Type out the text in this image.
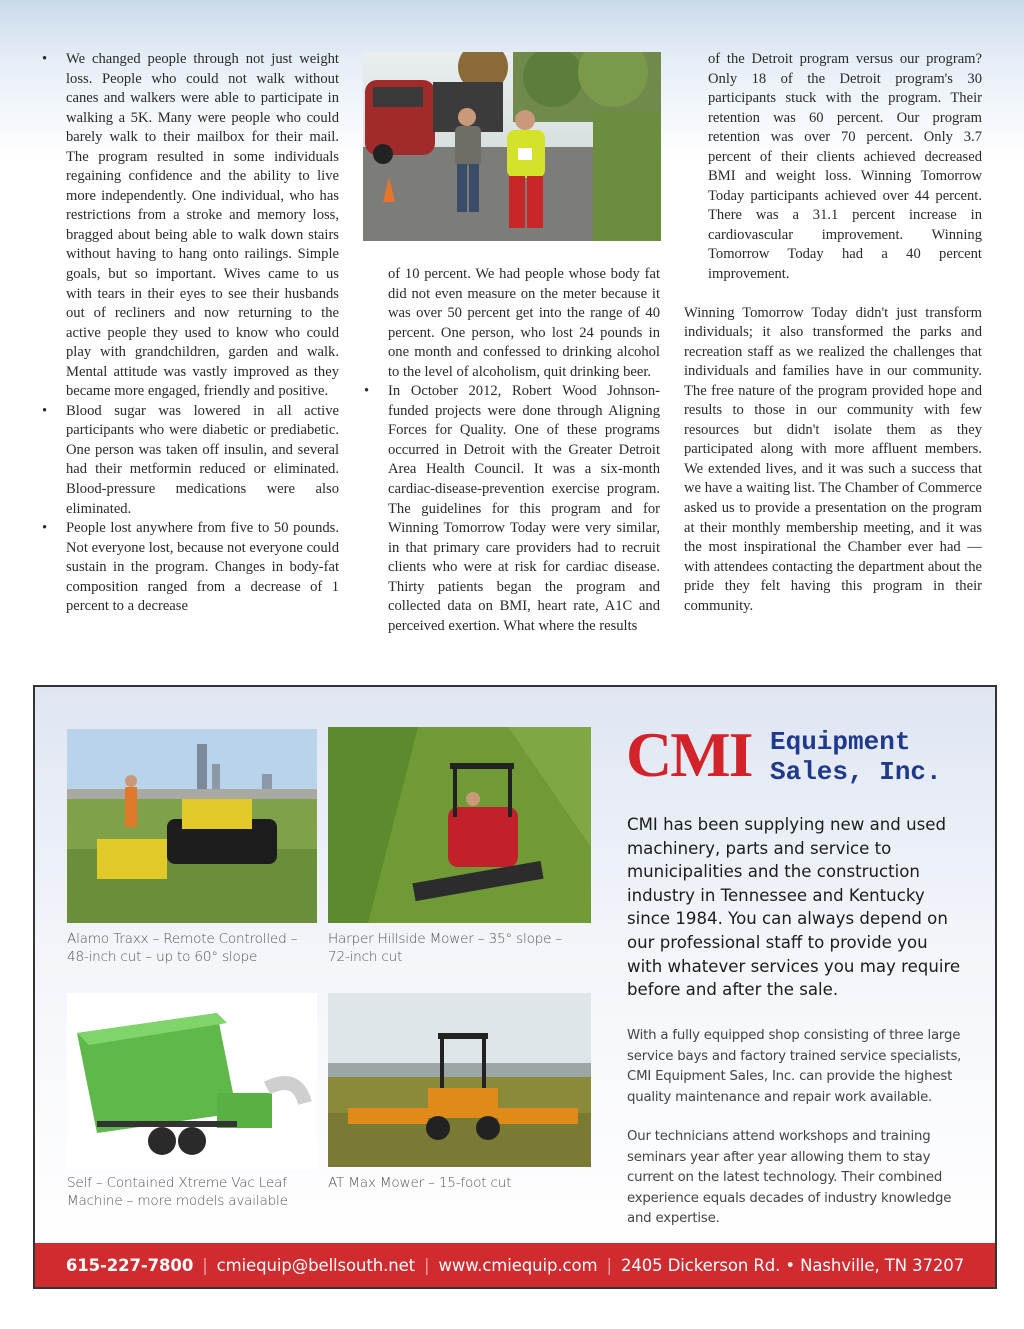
• We changed people through not just weight loss. People who could not walk without canes and walkers were able to participate in walking a 5K. Many were people who could barely walk to their mailbox for their mail. The program resulted in some individuals regaining confidence and the ability to live more independently. One individual, who has restrictions from a stroke and memory loss, bragged about being able to walk down stairs without having to hang onto railings. Simple goals, but so important. Wives came to us with tears in their eyes to see their husbands out of recliners and now returning to the active people they used to know who could play with grandchildren, garden and walk. Mental attitude was vastly improved as they became more engaged, friendly and positive.
• Blood sugar was lowered in all active participants who were diabetic or prediabetic. One person was taken off insulin, and several had their metformin reduced or eliminated. Blood-pressure medications were also eliminated.
• People lost anywhere from five to 50 pounds. Not everyone lost, because not everyone could sustain in the program. Changes in body-fat composition ranged from a decrease of 1 percent to a decrease

of 10 percent. We had people whose body fat did not even measure on the meter because it was over 50 percent get into the range of 40 percent. One person, who lost 24 pounds in one month and confessed to drinking alcohol to the level of alcoholism, quit drinking beer.

• In October 2012, Robert Wood Johnson-funded projects were done through Aligning Forces for Quality. One of these programs occurred in Detroit with the Greater Detroit Area Health Council. It was a six-month cardiac-disease-prevention exercise program. The guidelines for this program and for Winning Tomorrow Today were very similar, in that primary care providers had to recruit clients who were at risk for cardiac disease. Thirty patients began the program and collected data on BMI, heart rate, A1C and perceived exertion. What where the results

of the Detroit program versus our program? Only 18 of the Detroit program's 30 participants stuck with the program. Their retention was 60 percent. Our program retention was over 70 percent. Only 3.7 percent of their clients achieved decreased BMI and weight loss. Winning Tomorrow Today participants achieved over 44 percent. There was a 31.1 percent increase in cardiovascular improvement. Winning Tomorrow Today had a 40 percent improvement.

Winning Tomorrow Today didn't just transform individuals; it also transformed the parks and recreation staff as we realized the challenges that individuals and families have in our community. The free nature of the program provided hope and results to those in our community with few resources but didn't isolate them as they participated along with more affluent members. We extended lives, and it was such a success that we have a waiting list. The Chamber of Commerce asked us to provide a presentation on the program at their monthly membership meeting, and it was the most inspirational the Chamber ever had — with attendees contacting the department about the pride they felt having this program in their community.

Alamo Traxx – Remote Controlled –
48-inch cut – up to 60° slope
Harper Hillside Mower – 35° slope –
72-inch cut
Self – Contained Xtreme Vac Leaf
Machine – more models available
AT Max Mower – 15-foot cut
CMI Equipment
Sales, Inc.
CMI has been supplying new and used machinery, parts and service to municipalities and the construction industry in Tennessee and Kentucky since 1984. You can always depend on our professional staff to provide you with whatever services you may require before and after the sale.
With a fully equipped shop consisting of three large service bays and factory trained service specialists, CMI Equipment Sales, Inc. can provide the highest quality maintenance and repair work available.
Our technicians attend workshops and training seminars year after year allowing them to stay current on the latest technology. Their combined experience equals decades of industry knowledge and expertise.
615-227-7800 | cmiequip@bellsouth.net | www.cmiequip.com | 2405 Dickerson Rd. • Nashville, TN 37207
